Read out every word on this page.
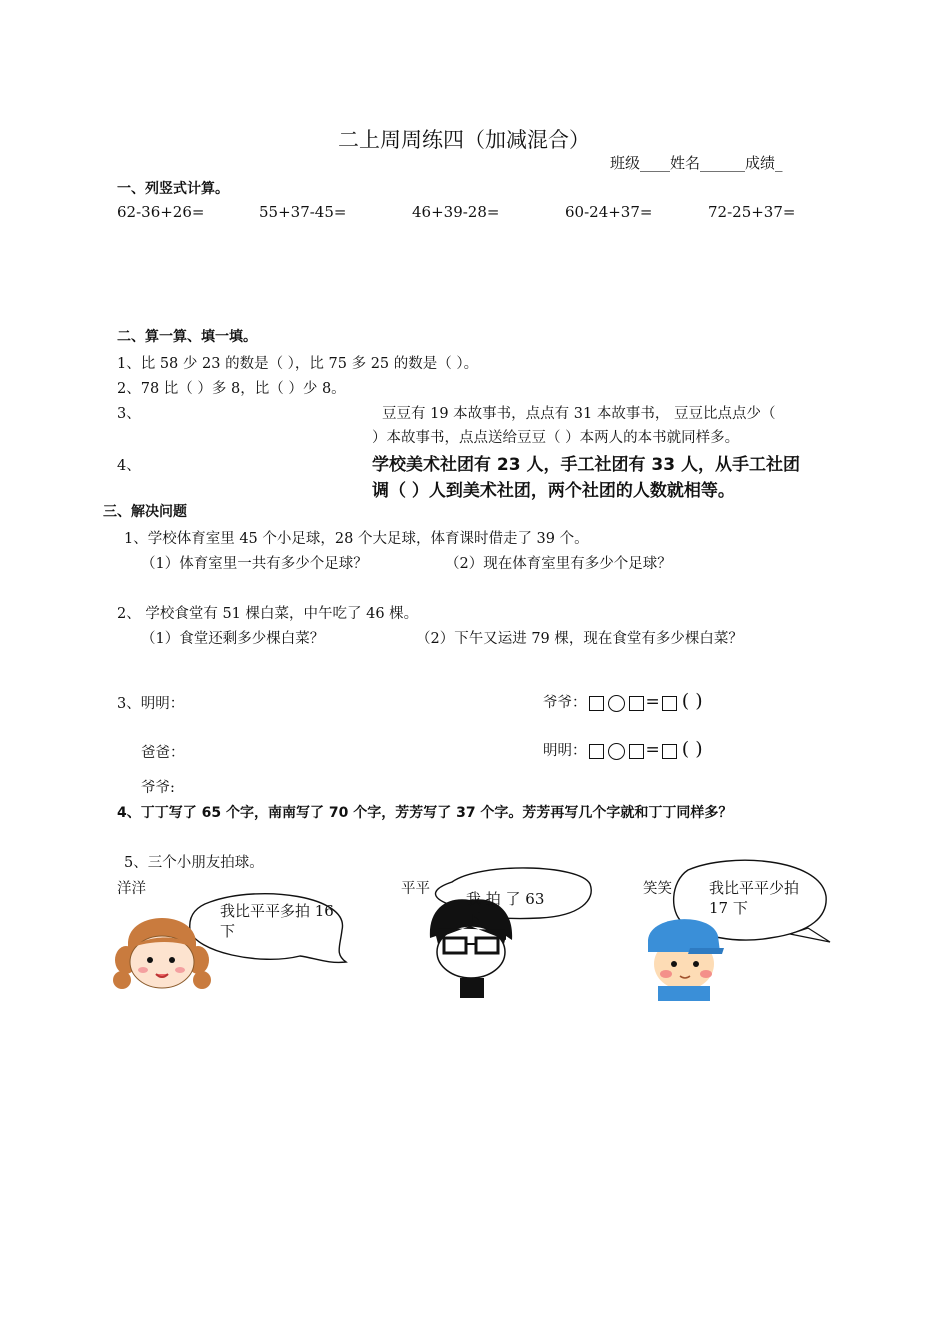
二上周周练四（加减混合）
班级____姓名______成绩_
一、列竖式计算。
62-36+26=	55+37-45=	46+39-28=	60-24+37=	72-25+37=
二、算一算、填一填。
1、比 58 少 23 的数是（ ），比 75 多 25 的数是（ ）。
2、78 比（ ）多 8，比（ ）少 8。
3、	豆豆有 19 本故事书，点点有 31 本故事书， 豆豆比点点少（
）本故事书，点点送给豆豆（ ）本两人的本书就同样多。
4、	学校美术社团有 23 人，手工社团有 33 人，从手工社团
调（ ）人到美术社团，两个社团的人数就相等。
三、解决问题
1、学校体育室里 45 个小足球，28 个大足球，体育课时借走了 39 个。
（1）体育室里一共有多少个足球？	（2）现在体育室里有多少个足球？
2、 学校食堂有 51 棵白菜，中午吃了 46 棵。
（1）食堂还剩多少棵白菜？	（2）下午又运进 79 棵，现在食堂有多少棵白菜？
3、明明：
爸爸：
爷爷:
爷爷：	= ( )
明明：	= ( )
4、丁丁写了 65 个字，南南写了 70 个字，芳芳写了 37 个字。芳芳再写几个字就和丁丁同样多？
5、三个小朋友拍球。
洋洋
我比平平多拍 16 下
平平
我 拍 了 63 下
笑笑 我比平平少拍 17 下
